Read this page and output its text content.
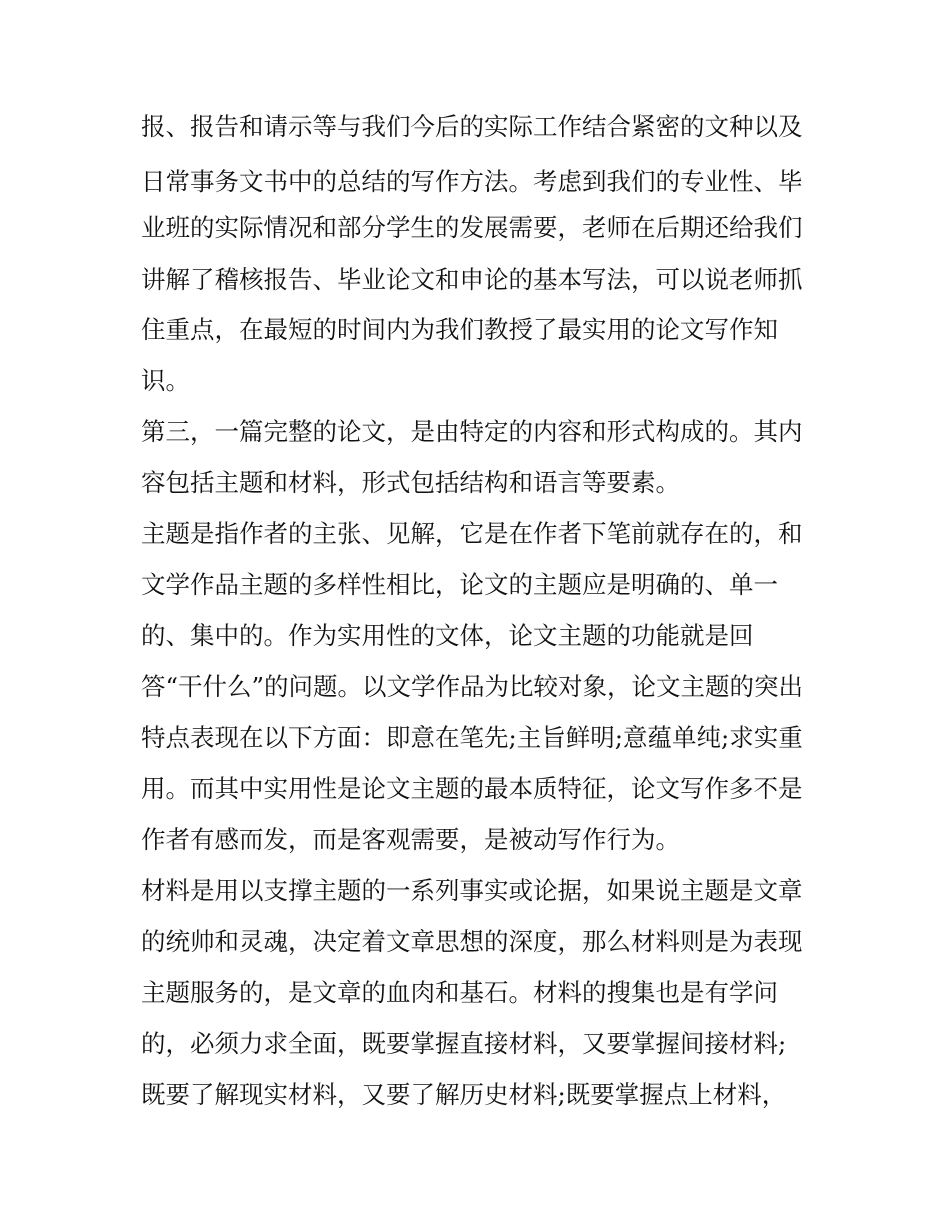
报、报告和请示等与我们今后的实际工作结合紧密的文种以及
日常事务文书中的总结的写作方法。考虑到我们的专业性、毕
业班的实际情况和部分学生的发展需要，老师在后期还给我们
讲解了稽核报告、毕业论文和申论的基本写法，可以说老师抓
住重点，在最短的时间内为我们教授了最实用的论文写作知
识。
第三，一篇完整的论文，是由特定的内容和形式构成的。其内
容包括主题和材料，形式包括结构和语言等要素。
主题是指作者的主张、见解，它是在作者下笔前就存在的，和
文学作品主题的多样性相比，论文的主题应是明确的、单一
的、集中的。作为实用性的文体，论文主题的功能就是回
答“干什么”的问题。以文学作品为比较对象，论文主题的突出
特点表现在以下方面：即意在笔先;主旨鲜明;意蕴单纯;求实重
用。而其中实用性是论文主题的最本质特征，论文写作多不是
作者有感而发，而是客观需要，是被动写作行为。
材料是用以支撑主题的一系列事实或论据，如果说主题是文章
的统帅和灵魂，决定着文章思想的深度，那么材料则是为表现
主题服务的，是文章的血肉和基石。材料的搜集也是有学问
的，必须力求全面，既要掌握直接材料，又要掌握间接材料;
既要了解现实材料，又要了解历史材料;既要掌握点上材料，
